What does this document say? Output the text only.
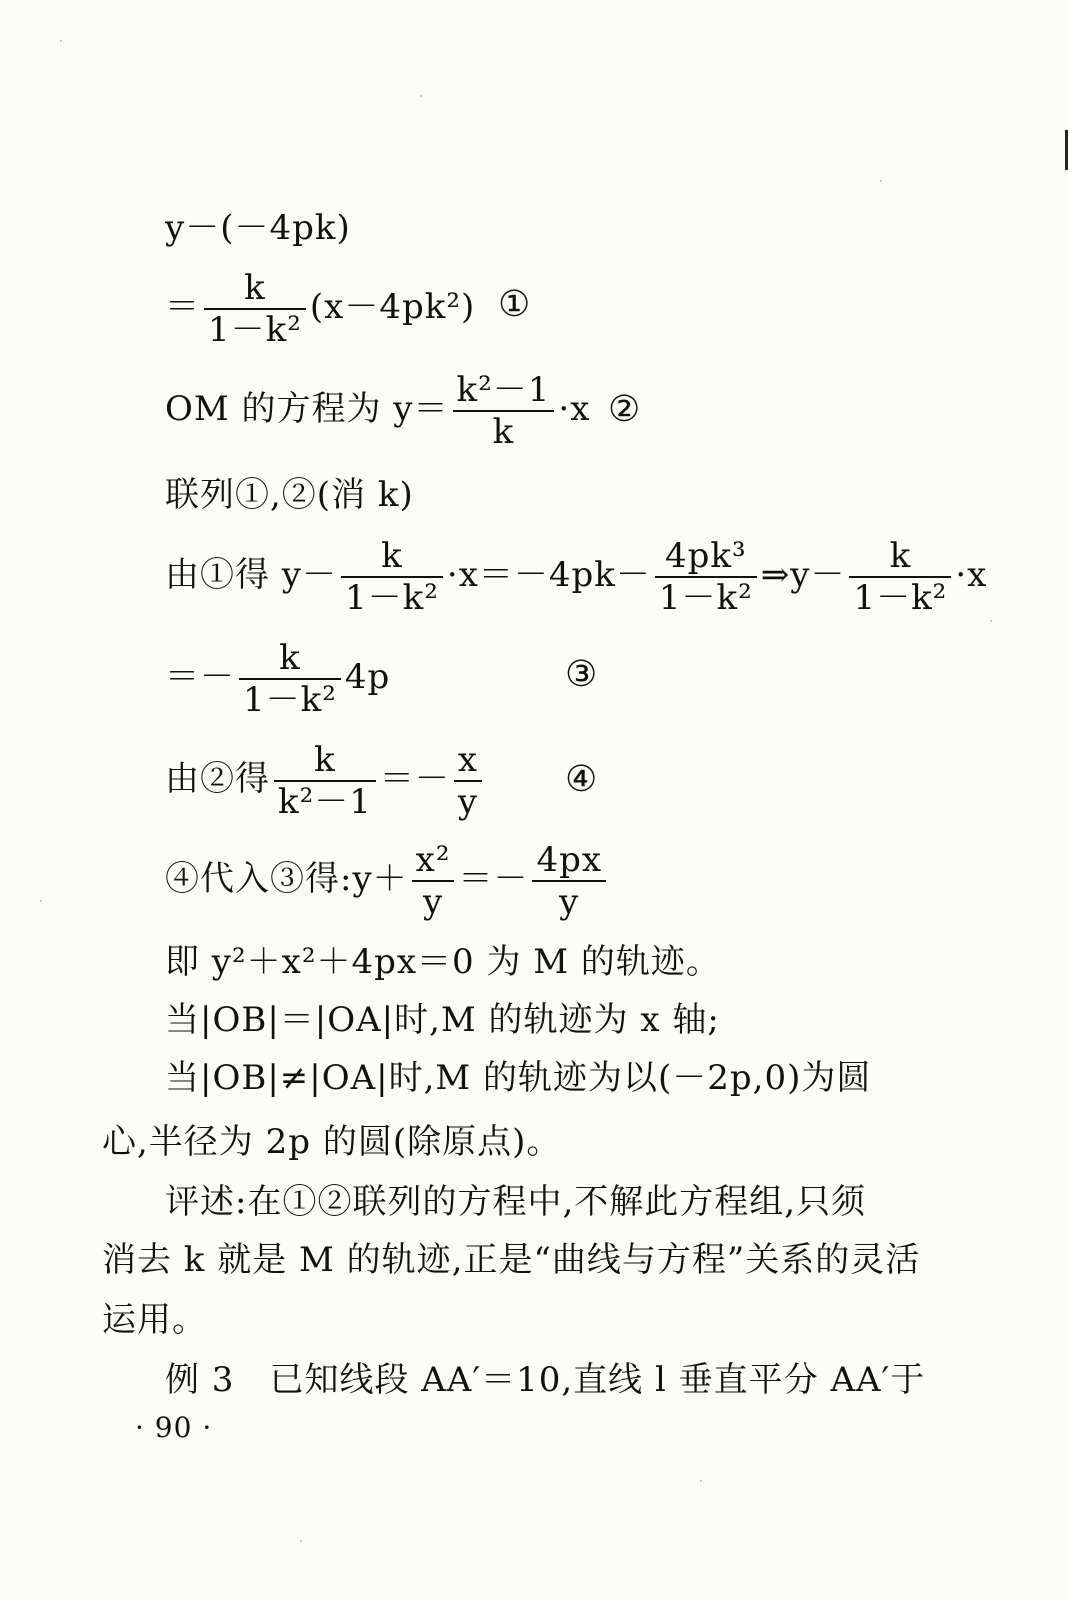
y－(－4pk)
＝ $\frac{k}{\text{1－k²}} (x-4pk^2)$ ①
OM 的方程为 $y= \frac{\text{k²－1}}{k} \cdot x$ ②
联列①,②(消 k)
由①得 $y- \frac{k}{\text{1－k²}} \cdot x=-4pk- \frac{\text{4pk³}}{\text{1－k²}}$ ⇒y－ $\frac{k}{\text{1－k²}} \cdot x$
＝－ $\frac{k}{\text{1－k²}} 4p$	③
由②得 $\frac{k}{\text{k²－1}} =- \frac{x}{y}$ ④
④代入③得:y＋ $\frac{\text{x²}}{y} =- \frac{4px}{y}$
即 y²＋x²＋4px＝0 为 M 的轨迹。
当|OB|＝|OA|时,M 的轨迹为 x 轴;
当|OB|≠|OA|时,M 的轨迹为以(－2p,0)为圆
心,半径为 2p 的圆(除原点)。
评述:在①②联列的方程中,不解此方程组,只须
消去 k 就是 M 的轨迹,正是“曲线与方程”关系的灵活
运用。
例 3　已知线段 AA′＝10,直线 l 垂直平分 AA′于
· 90 ·
